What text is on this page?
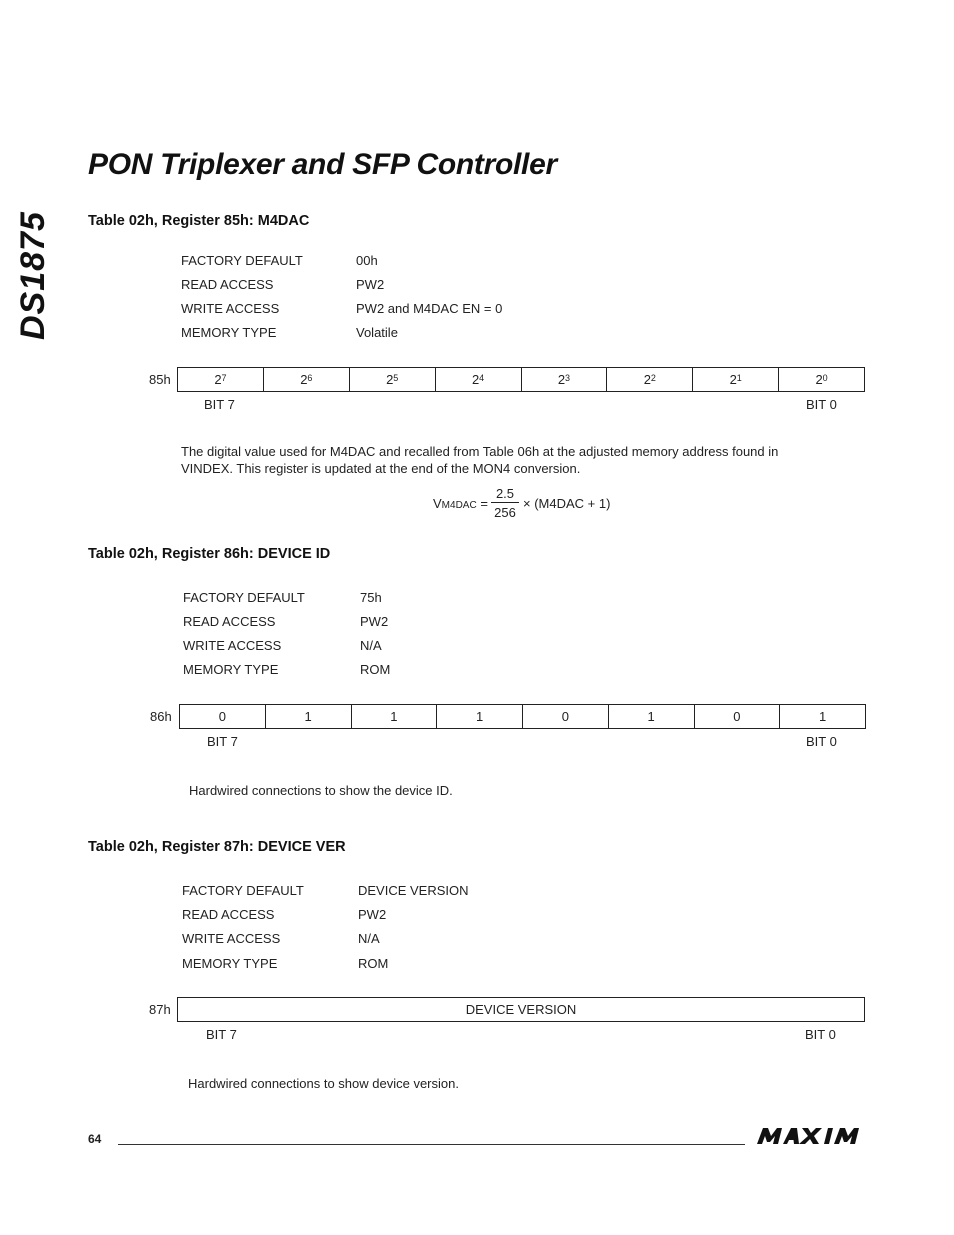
DS1875
PON Triplexer and SFP Controller
Table 02h, Register 85h: M4DAC
FACTORY DEFAULT	00h
READ ACCESS	PW2
WRITE ACCESS	PW2 and M4DAC EN = 0
MEMORY TYPE	Volatile
85h	$2^7$	$2^6$	$2^5$	$2^4$	$2^3$	$2^2$	$2^1$	$2^0$
BIT 7	BIT 0
The digital value used for M4DAC and recalled from Table 06h at the adjusted memory address found in VINDEX. This register is updated at the end of the MON4 conversion.
$VM4DAC = \frac{2.5}{256} \times (M4DAC + 1)$
Table 02h, Register 86h: DEVICE ID
FACTORY DEFAULT	75h
READ ACCESS	PW2
WRITE ACCESS	N/A
MEMORY TYPE	ROM
86h	0	1	1	1	0	1	0	1
BIT 7	BIT 0
Hardwired connections to show the device ID.
Table 02h, Register 87h: DEVICE VER
FACTORY DEFAULT	DEVICE VERSION
READ ACCESS	PW2
WRITE ACCESS	N/A
MEMORY TYPE	ROM
87h	DEVICE VERSION
BIT 7	BIT 0
Hardwired connections to show device version.
64
